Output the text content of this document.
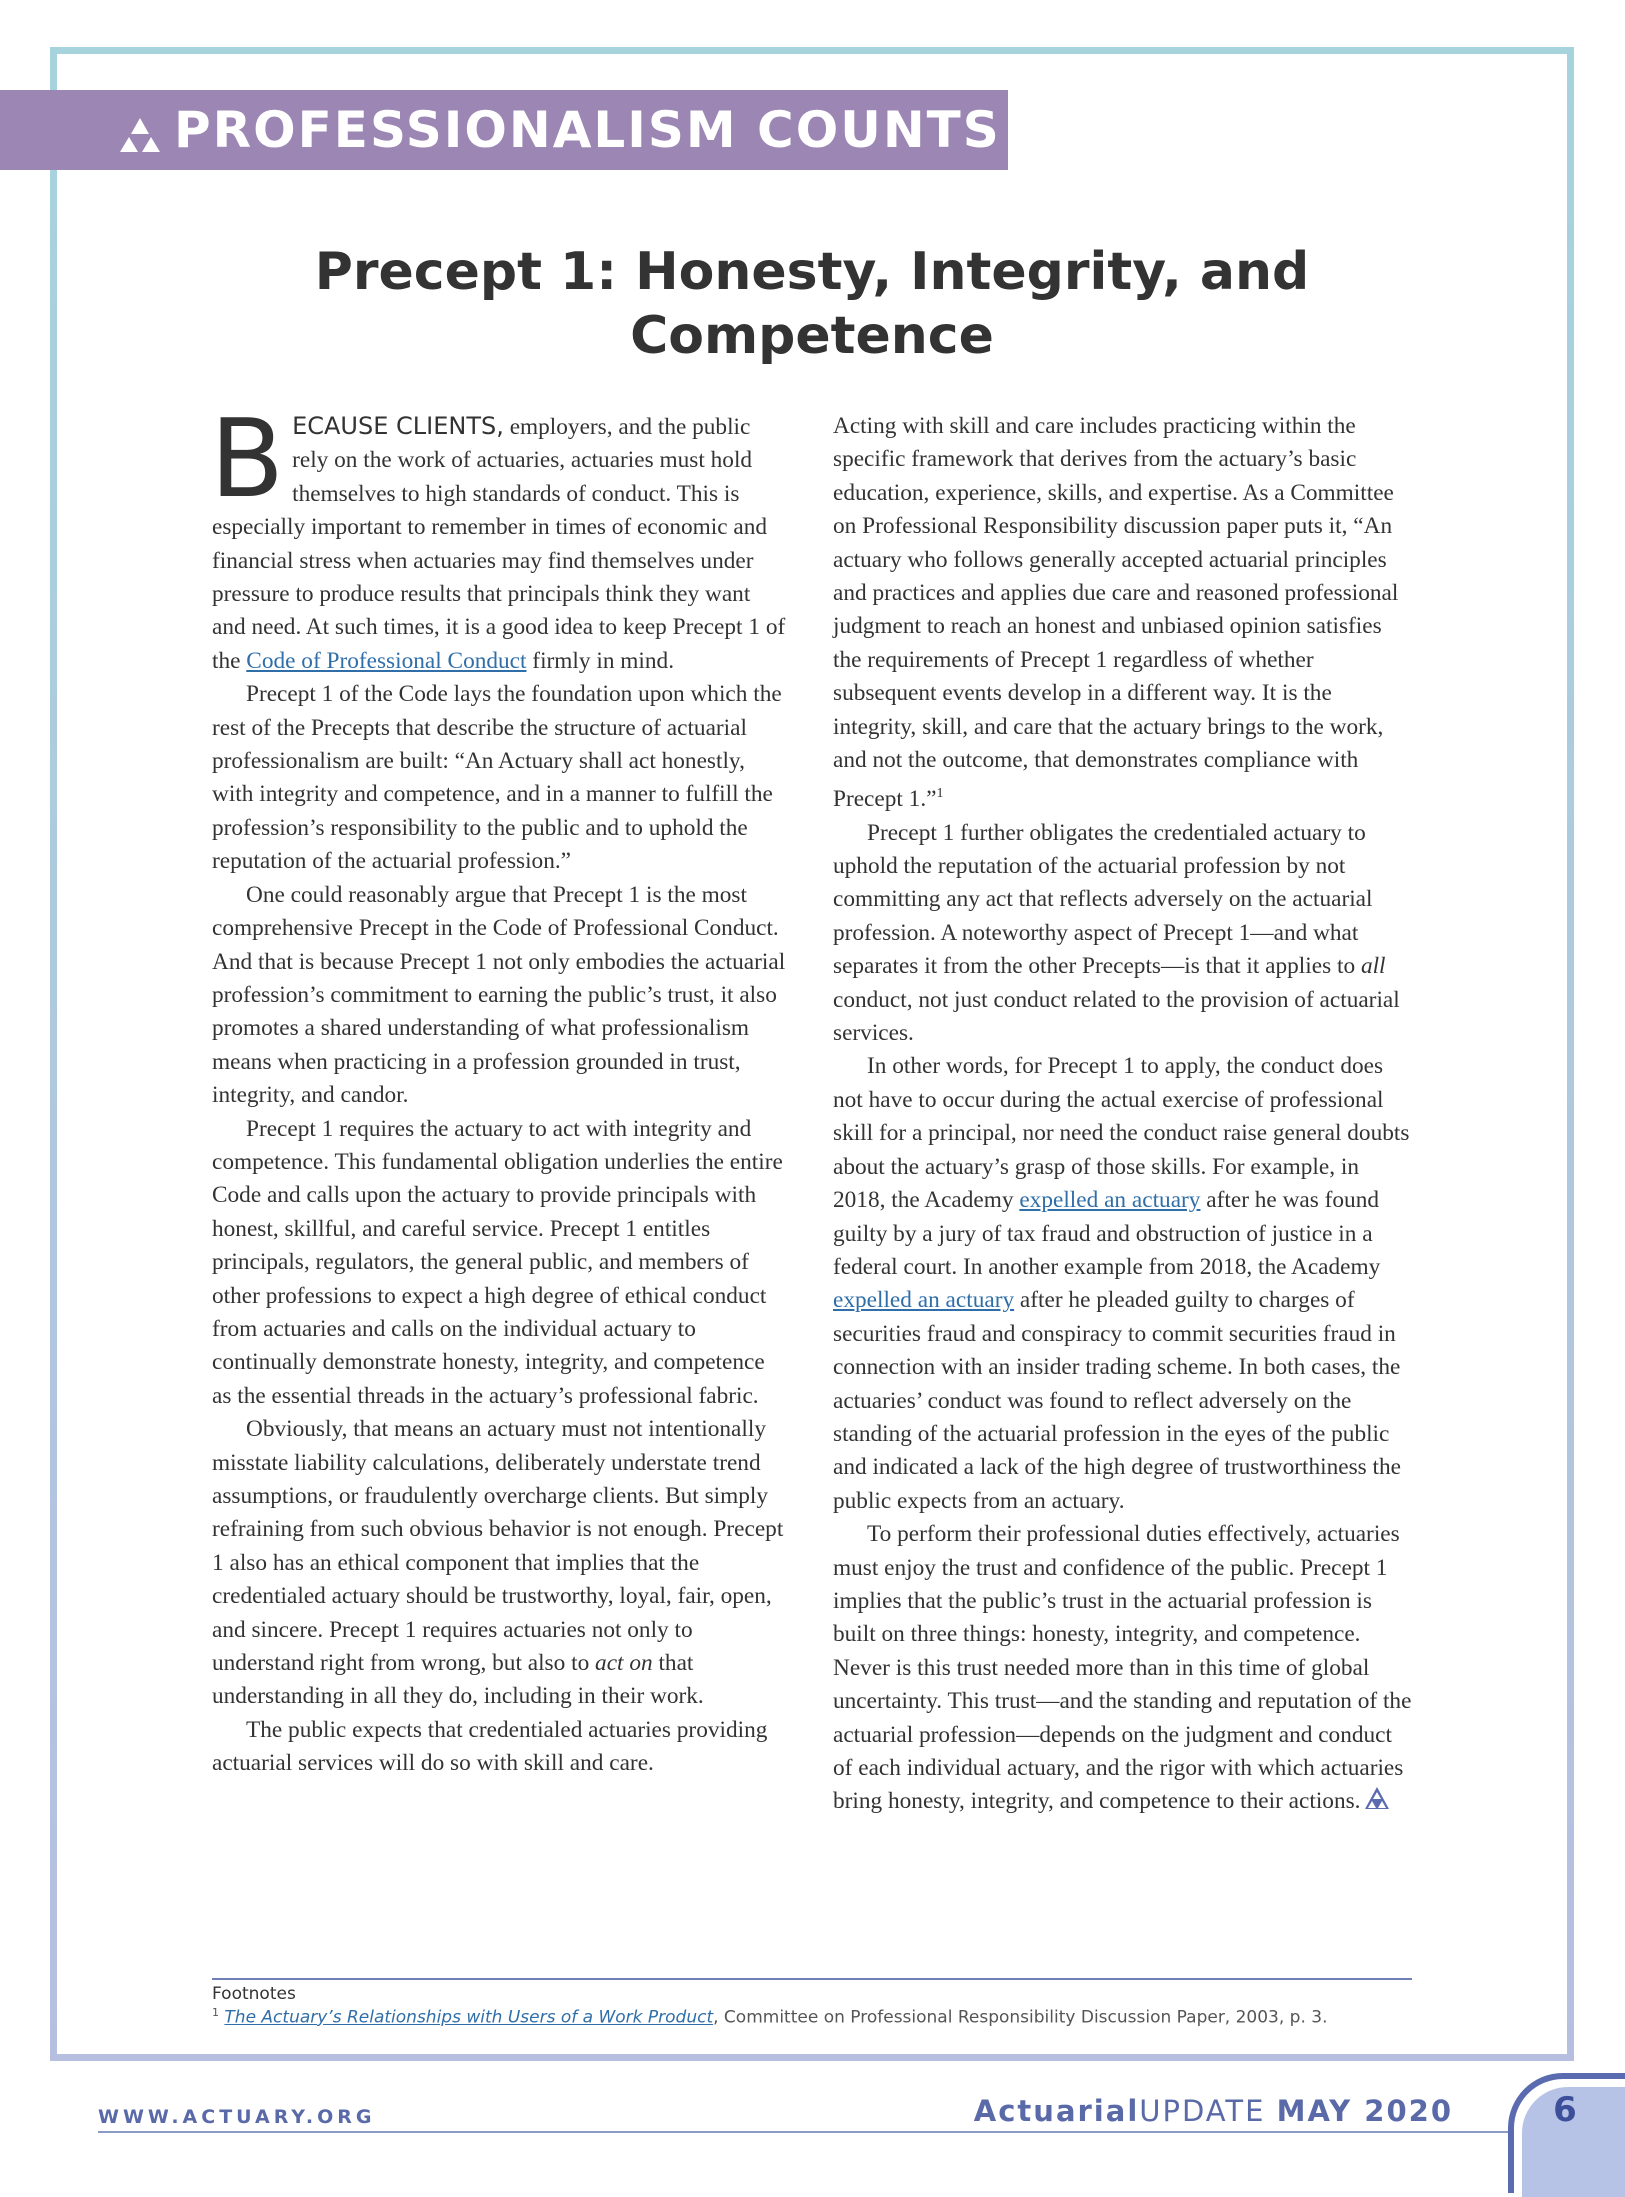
PROFESSIONALISM COUNTS
Precept 1: Honesty, Integrity, and
Competence

BECAUSE CLIENTS, employers, and the public rely on the work of actuaries, actuaries must hold themselves to high standards of conduct. This is especially important to remember in times of economic and financial stress when actuaries may find themselves under pressure to produce results that principals think they want and need. At such times, it is a good idea to keep Precept 1 of the Code of Professional Conduct firmly in mind.

Precept 1 of the Code lays the foundation upon which the rest of the Precepts that describe the structure of actuarial professionalism are built: “An Actuary shall act honestly, with integrity and competence, and in a manner to fulfill the profession’s responsibility to the public and to uphold the reputation of the actuarial profession.”

One could reasonably argue that Precept 1 is the most comprehensive Precept in the Code of Professional Conduct. And that is because Precept 1 not only embodies the actuarial profession’s commitment to earning the public’s trust, it also promotes a shared understanding of what professionalism means when practicing in a profession grounded in trust, integrity, and candor.

Precept 1 requires the actuary to act with integrity and competence. This fundamental obligation underlies the entire Code and calls upon the actuary to provide principals with honest, skillful, and careful service. Precept 1 entitles principals, regulators, the general public, and members of other professions to expect a high degree of ethical conduct from actuaries and calls on the individual actuary to continually demonstrate honesty, integrity, and competence as the essential threads in the actuary’s professional fabric.

Obviously, that means an actuary must not intentionally misstate liability calculations, deliberately understate trend assumptions, or fraudulently overcharge clients. But simply refraining from such obvious behavior is not enough. Precept 1 also has an ethical component that implies that the credentialed actuary should be trustworthy, loyal, fair, open, and sincere. Precept 1 requires actuaries not only to understand right from wrong, but also to act on that understanding in all they do, including in their work.

The public expects that credentialed actuaries providing actuarial services will do so with skill and care.

Acting with skill and care includes practicing within the specific framework that derives from the actuary’s basic education, experience, skills, and expertise. As a Committee on Professional Responsibility discussion paper puts it, “An actuary who follows generally accepted actuarial principles and practices and applies due care and reasoned professional judgment to reach an honest and unbiased opinion satisfies the requirements of Precept 1 regardless of whether subsequent events develop in a different way. It is the integrity, skill, and care that the actuary brings to the work, and not the outcome, that demonstrates compliance with Precept 1.”$^1$

Precept 1 further obligates the credentialed actuary to uphold the reputation of the actuarial profession by not committing any act that reflects adversely on the actuarial profession. A noteworthy aspect of Precept 1—and what separates it from the other Precepts—is that it applies to all conduct, not just conduct related to the provision of actuarial services.

In other words, for Precept 1 to apply, the conduct does not have to occur during the actual exercise of professional skill for a principal, nor need the conduct raise general doubts about the actuary’s grasp of those skills. For example, in 2018, the Academy expelled an actuary after he was found guilty by a jury of tax fraud and obstruction of justice in a federal court. In another example from 2018, the Academy expelled an actuary after he pleaded guilty to charges of securities fraud and conspiracy to commit securities fraud in connection with an insider trading scheme. In both cases, the actuaries’ conduct was found to reflect adversely on the standing of the actuarial profession in the eyes of the public and indicated a lack of the high degree of trustworthiness the public expects from an actuary.

To perform their professional duties effectively, actuaries must enjoy the trust and confidence of the public. Precept 1 implies that the public’s trust in the actuarial profession is built on three things: honesty, integrity, and competence. Never is this trust needed more than in this time of global uncertainty. This trust—and the standing and reputation of the actuarial profession—depends on the judgment and conduct of each individual actuary, and the rigor with which actuaries bring honesty, integrity, and competence to their actions.

Footnotes
$^1$ The Actuary’s Relationships with Users of a Work Product, Committee on Professional Responsibility Discussion Paper, 2003, p. 3.
WWW.ACTUARY.ORG	ActuarialUPDATE MAY 2020	6
